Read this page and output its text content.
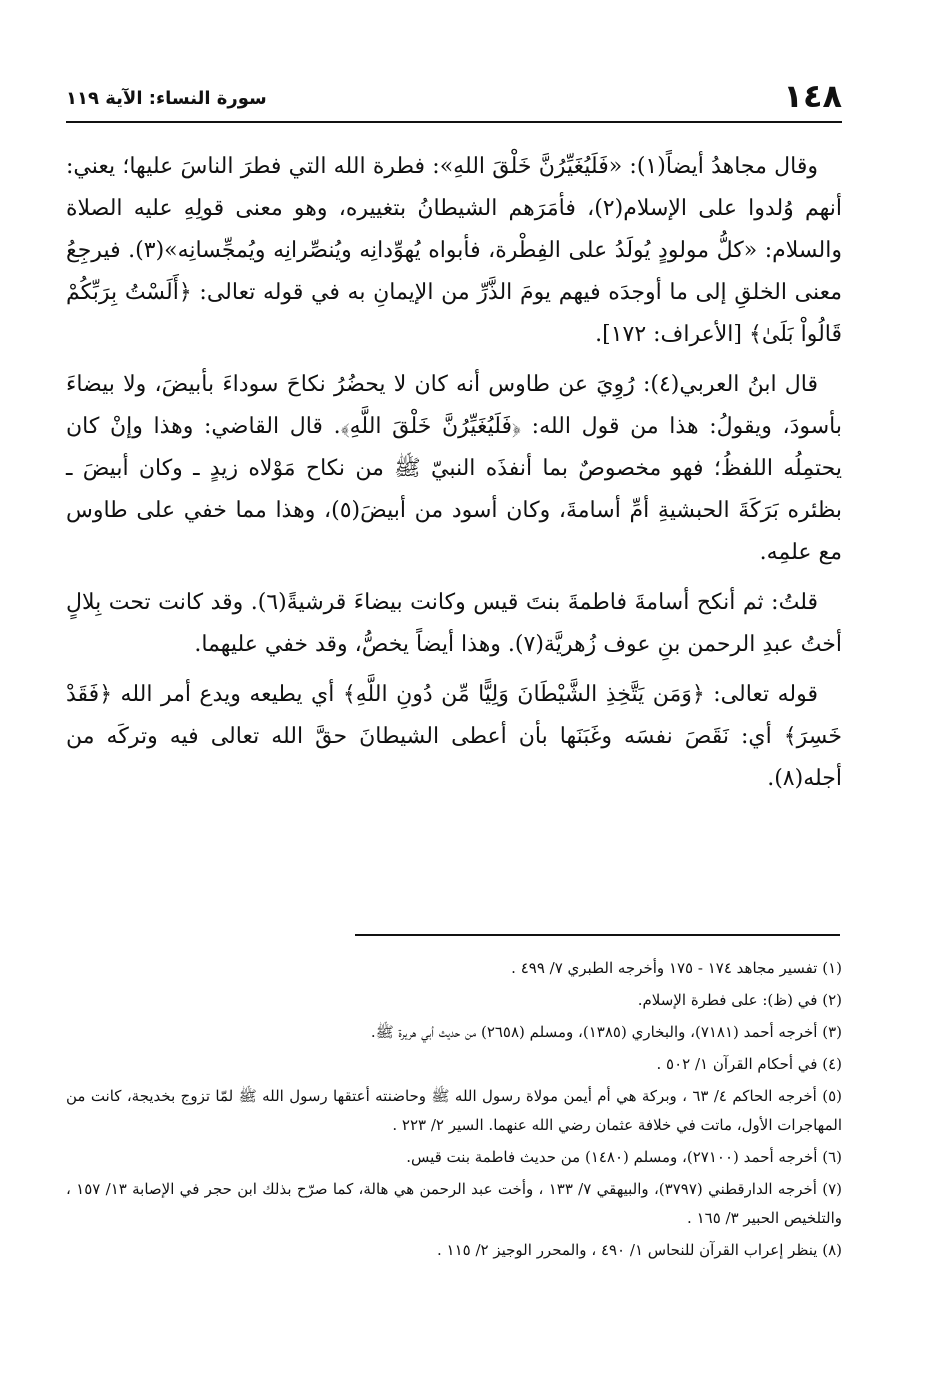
١٤٨
سورة النساء: الآية ١١٩

وقال مجاهدُ أيضاً(١): «فَلَيُغَيِّرُنَّ خَلْقَ اللهِ»: فطرة الله التي فطرَ الناسَ عليها؛ يعني: أنهم وُلدوا على الإسلام(٢)، فأمَرَهم الشيطانُ بتغييره، وهو معنى قولِهِ عليه الصلاة والسلام: «كلُّ مولودٍ يُولَدُ على الفِطْرة، فأبواه يُهوِّدانِه ويُنصِّرانِه ويُمجِّسانِه»(٣). فيرجِعُ معنى الخلقِ إلى ما أوجدَه فيهم يومَ الذَّرِّ من الإيمانِ به في قوله تعالى: ﴿أَلَسْتُ بِرَبِّكُمْ قَالُواْ بَلَىٰ﴾ [الأعراف: ١٧٢].

قال ابنُ العربي(٤): رُوِيَ عن طاوس أنه كان لا يحضُرُ نكاحَ سوداءَ بأبيضَ، ولا بيضاءَ بأسودَ، ويقولُ: هذا من قول الله: ﴿فَلَيُغَيِّرُنَّ خَلْقَ اللَّهِ﴾. قال القاضي: وهذا وإنْ كان يحتمِلُه اللفظُ؛ فهو مخصوصٌ بما أنفذَه النبيّ ﷺ من نكاح مَوْلاه زيدٍ ـ وكان أبيضَ ـ بظئره بَرَكَةَ الحبشيةِ أمِّ أسامةَ، وكان أسود من أبيضَ(٥)، وهذا مما خفي على طاوس مع علمِه.

قلتُ: ثم أنكح أسامةَ فاطمةَ بنتَ قيس وكانت بيضاءَ قرشيةً(٦). وقد كانت تحت بِلالٍ أختُ عبدِ الرحمن بنِ عوف زُهريَّة(٧). وهذا أيضاً يخصُّ، وقد خفي عليهما.

قوله تعالى: ﴿وَمَن يَتَّخِذِ الشَّيْطَانَ وَلِيًّا مِّن دُونِ اللَّهِ﴾ أي يطيعه ويدع أمر الله ﴿فَقَدْ خَسِرَ﴾ أي: نَقَصَ نفسَه وغَبَنَها بأن أعطى الشيطانَ حقَّ الله تعالى فيه وتركَه من أجله(٨).

(١) تفسير مجاهد ١٧٤ - ١٧٥ وأخرجه الطبري ٧/ ٤٩٩ .
(٢) في (ظ): على فطرة الإسلام.
(٣) أخرجه أحمد (٧١٨١)، والبخاري (١٣٨٥)، ومسلم (٢٦٥٨) من حديث أبي هريرة ﷺ.
(٤) في أحكام القرآن ١/ ٥٠٢ .
(٥) أخرجه الحاكم ٤/ ٦٣ ، وبركة هي أم أيمن مولاة رسول الله ﷺ وحاضنته أعتقها رسول الله ﷺ لمّا تزوج بخديجة، كانت من المهاجرات الأول، ماتت في خلافة عثمان رضي الله عنهما. السير ٢/ ٢٢٣ .
(٦) أخرجه أحمد (٢٧١٠٠)، ومسلم (١٤٨٠) من حديث فاطمة بنت قيس.
(٧) أخرجه الدارقطني (٣٧٩٧)، والبيهقي ٧/ ١٣٣ ، وأخت عبد الرحمن هي هالة، كما صرّح بذلك ابن حجر في الإصابة ١٣/ ١٥٧ ، والتلخيص الحبير ٣/ ١٦٥ .
(٨) ينظر إعراب القرآن للنحاس ١/ ٤٩٠ ، والمحرر الوجيز ٢/ ١١٥ .
